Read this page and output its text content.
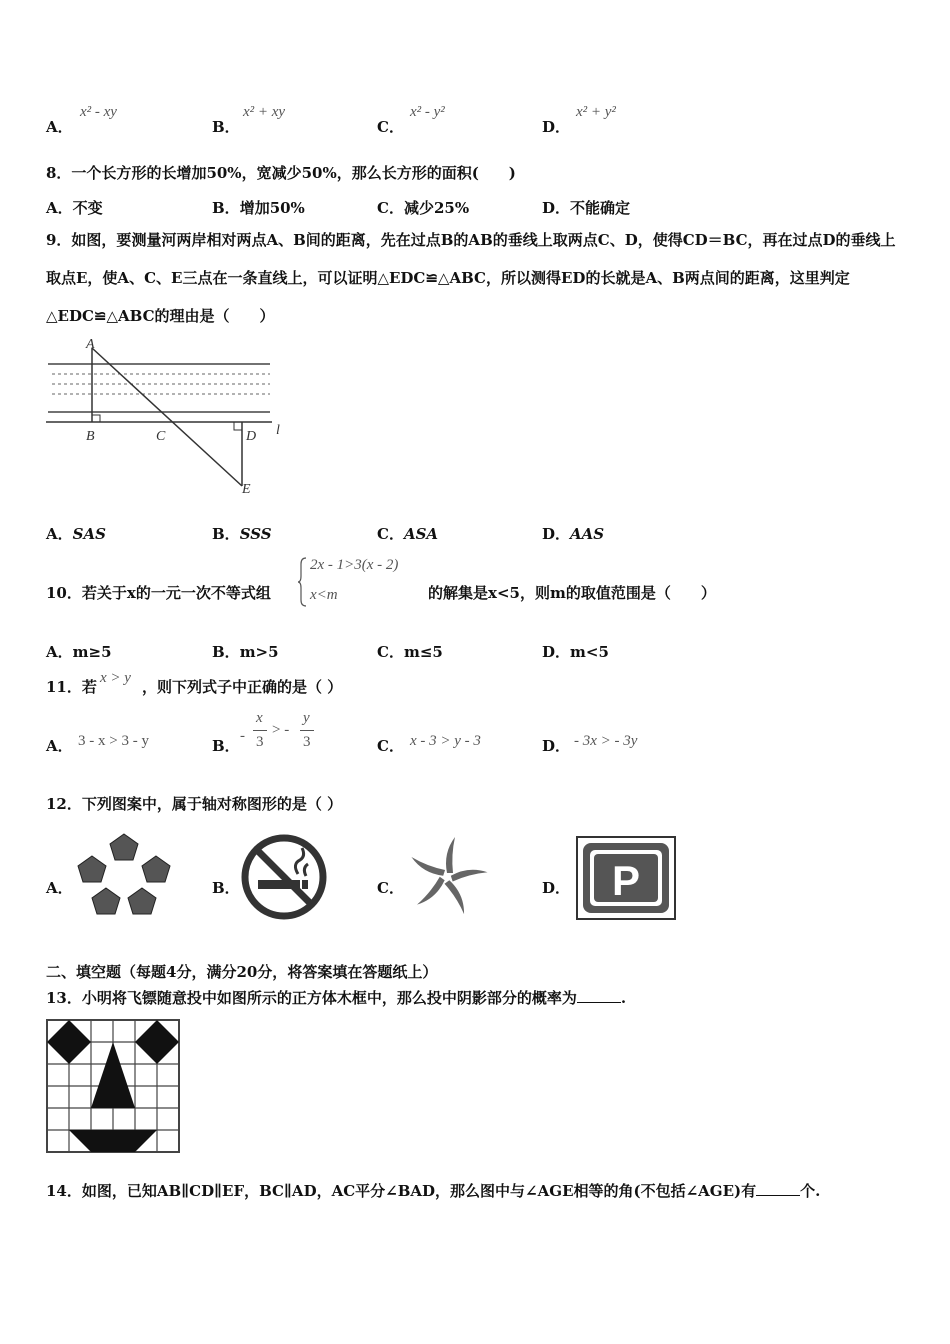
A．
x² - xy
B．
x² + xy
C．
x² - y²
D．
x² + y²
8．一个长方形的长增加50%，宽减少50%，那么长方形的面积(　　)
A．不变	B．增加50%	C．减少25%	D．不能确定
9．如图，要测量河两岸相对两点A、B间的距离，先在过点B的AB的垂线上取两点C、D，使得CD＝BC，再在过点D的垂线上取点E，使A、C、E三点在一条直线上，可以证明△EDC≌△ABC，所以测得ED的长就是A、B两点间的距离，这里判定△EDC≌△ABC的理由是（　　）
A
B	C	D
E
l
A．SAS	B．SSS	C．ASA	D．AAS
10．若关于x的一元一次不等式组
2x - 1>3(x - 2)
x<m	的解集是x<5，则m的取值范围是（　　）
A．m≥5	B．m>5	C．m≤5	D．m<5
11．若 x > y ，则下列式子中正确的是（ ）
A． 3 - x > 3 - y	B．
-
x
3
> -
y
3	C． x - 3 > y - 3	D． - 3x > - 3y
12．下列图案中，属于轴对称图形的是（ ）
A．	B．	C．	D． P
二、填空题（每题4分，满分20分，将答案填在答题纸上）
13．小明将飞镖随意投中如图所示的正方体木框中，那么投中阴影部分的概率为	.
14．如图，已知AB∥CD∥EF，BC∥AD，AC平分∠BAD，那么图中与∠AGE相等的角(不包括∠AGE)有	个.
